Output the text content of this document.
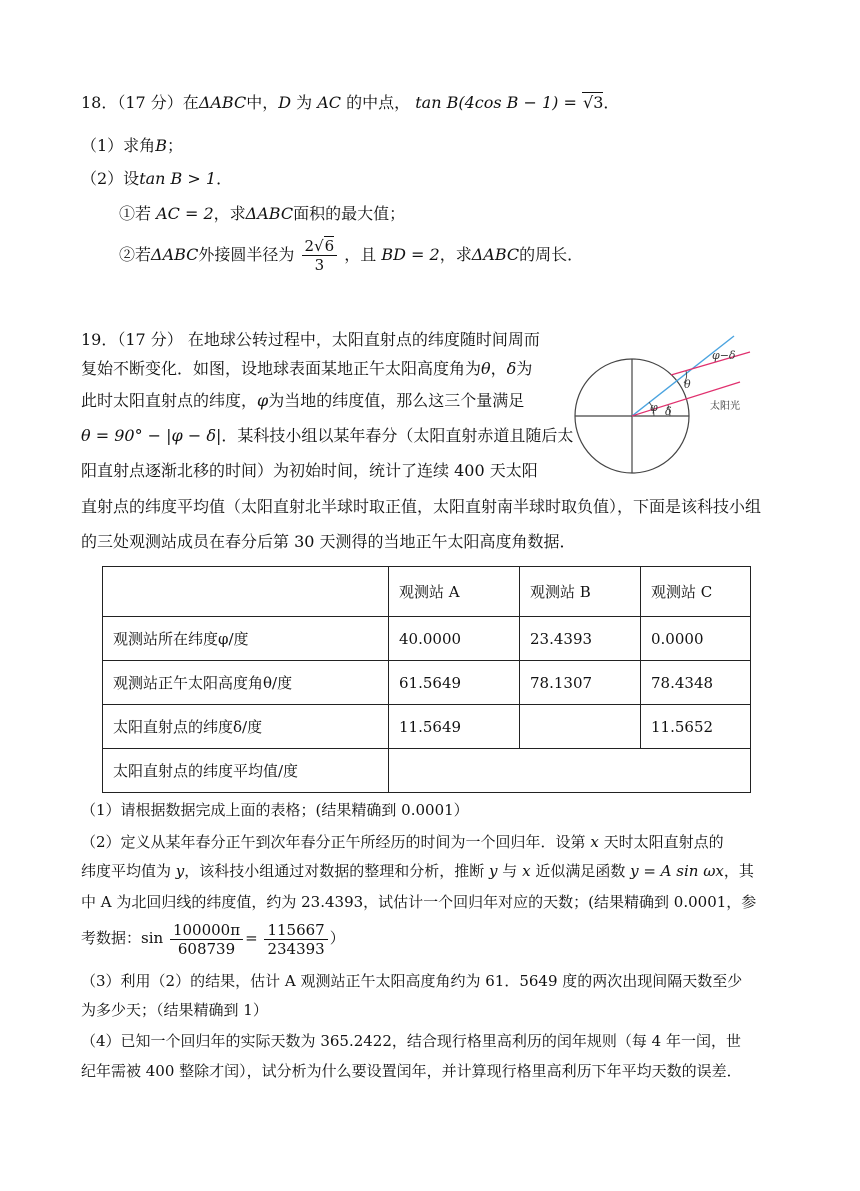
18．（17 分）在ΔABC中，D 为 AC 的中点， tan B(4cos B − 1) = √3．
（1）求角B；
（2）设tan B > 1．
①若 AC = 2，求ΔABC面积的最大值；
②若ΔABC外接圆半径为 $\frac{2√6}{3}$ ，且 BD = 2，求ΔABC的周长．
19．（17 分） 在地球公转过程中，太阳直射点的纬度随时间周而
复始不断变化．如图，设地球表面某地正午太阳高度角为θ，δ为
此时太阳直射点的纬度，φ为当地的纬度值，那么这三个量满足
θ = 90° − |φ − δ|．某科技小组以某年春分（太阳直射赤道且随后太
阳直射点逐渐北移的时间）为初始时间，统计了连续 400 天太阳
直射点的纬度平均值（太阳直射北半球时取正值，太阳直射南半球时取负值），下面是该科技小组
的三处观测站成员在春分后第 30 天测得的当地正午太阳高度角数据．
φ−δ
θ
φ δ	太阳光
	观测站 A	观测站 B	观测站 C
观测站所在纬度φ/度	40.0000	23.4393	0.0000
观测站正午太阳高度角θ/度	61.5649	78.1307	78.4348
太阳直射点的纬度δ/度	11.5649		11.5652
太阳直射点的纬度平均值/度			
（1）请根据数据完成上面的表格；(结果精确到 0.0001）
（2）定义从某年春分正午到次年春分正午所经历的时间为一个回归年．设第 x 天时太阳直射点的
纬度平均值为 y，该科技小组通过对数据的整理和分析，推断 y 与 x 近似满足函数 y = A sin ωx，其
中 A 为北回归线的纬度值，约为 23.4393，试估计一个回归年对应的天数；(结果精确到 0.0001，参
考数据：$\sin \frac{100000\pi}{608739} = \frac{115667}{234393}$ ）
（3）利用（2）的结果，估计 A 观测站正午太阳高度角约为 61．5649 度的两次出现间隔天数至少
为多少天；（结果精确到 1）
（4）已知一个回归年的实际天数为 365.2422，结合现行格里高利历的闰年规则（每 4 年一闰，世
纪年需被 400 整除才闰），试分析为什么要设置闰年，并计算现行格里高利历下年平均天数的误差．
